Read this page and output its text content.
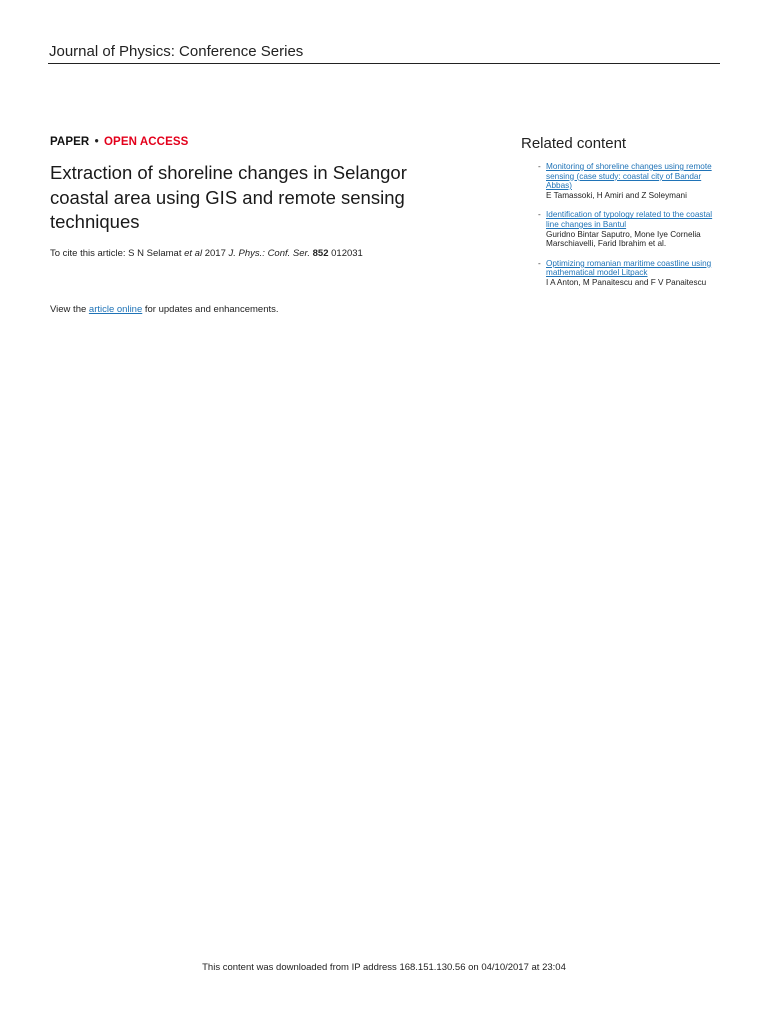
Journal of Physics: Conference Series
PAPER • OPEN ACCESS
Extraction of shoreline changes in Selangor coastal area using GIS and remote sensing techniques
To cite this article: S N Selamat et al 2017 J. Phys.: Conf. Ser. 852 012031
View the article online for updates and enhancements.
Related content
- Monitoring of shoreline changes using remote sensing (case study: coastal city of Bandar Abbas)
E Tamassoki, H Amiri and Z Soleymani
- Identification of typology related to the coastal line changes in Bantul
Guridno Bintar Saputro, Mone Iye Cornelia Marschiavelli, Farid Ibrahim et al.
- Optimizing romanian maritime coastline using mathematical model Litpack
I A Anton, M Panaitescu and F V Panaitescu
This content was downloaded from IP address 168.151.130.56 on 04/10/2017 at 23:04
